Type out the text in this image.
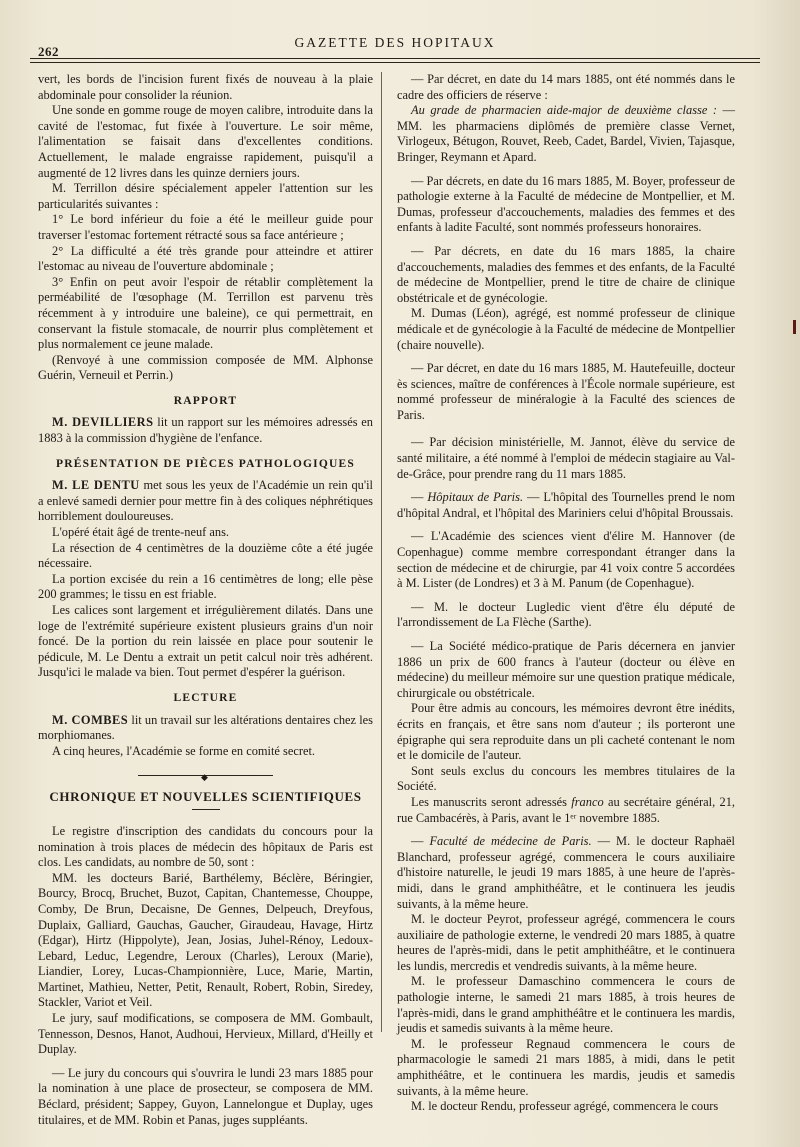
262
GAZETTE DES HOPITAUX

vert, les bords de l'incision furent fixés de nouveau à la plaie abdominale pour consolider la réunion.

Une sonde en gomme rouge de moyen calibre, introduite dans la cavité de l'estomac, fut fixée à l'ouverture. Le soir même, l'alimentation se faisait dans d'excellentes conditions. Actuellement, le malade engraisse rapidement, puisqu'il a augmenté de 12 livres dans les quinze derniers jours.

M. Terrillon désire spécialement appeler l'attention sur les particularités suivantes :

1° Le bord inférieur du foie a été le meilleur guide pour traverser l'estomac fortement rétracté sous sa face antérieure ;

2° La difficulté a été très grande pour atteindre et attirer l'estomac au niveau de l'ouverture abdominale ;

3° Enfin on peut avoir l'espoir de rétablir complètement la perméabilité de l'œsophage (M. Terrillon est parvenu très récemment à y introduire une baleine), ce qui permettrait, en conservant la fistule stomacale, de nourrir plus complètement et plus normalement ce jeune malade.

(Renvoyé à une commission composée de MM. Alphonse Guérin, Verneuil et Perrin.)

RAPPORT

M. DEVILLIERS lit un rapport sur les mémoires adressés en 1883 à la commission d'hygiène de l'enfance.

PRÉSENTATION DE PIÈCES PATHOLOGIQUES

M. LE DENTU met sous les yeux de l'Académie un rein qu'il a enlevé samedi dernier pour mettre fin à des coliques néphrétiques horriblement douloureuses.

L'opéré était âgé de trente-neuf ans.

La résection de 4 centimètres de la douzième côte a été jugée nécessaire.

La portion excisée du rein a 16 centimètres de long; elle pèse 200 grammes; le tissu en est friable.

Les calices sont largement et irrégulièrement dilatés. Dans une loge de l'extrémité supérieure existent plusieurs grains d'un noir foncé. De la portion du rein laissée en place pour soutenir le pédicule, M. Le Dentu a extrait un petit calcul noir très adhérent. Jusqu'ici le malade va bien. Tout permet d'espérer la guérison.

LECTURE

M. COMBES lit un travail sur les altérations dentaires chez les morphiomanes.

A cinq heures, l'Académie se forme en comité secret.

◆
CHRONIQUE ET NOUVELLES SCIENTIFIQUES

Le registre d'inscription des candidats du concours pour la nomination à trois places de médecin des hôpitaux de Paris est clos. Les candidats, au nombre de 50, sont :

MM. les docteurs Barié, Barthélemy, Béclère, Béringier, Bourcy, Brocq, Bruchet, Buzot, Capitan, Chantemesse, Chouppe, Comby, De Brun, Decaisne, De Gennes, Delpeuch, Dreyfous, Duplaix, Galliard, Gauchas, Gaucher, Giraudeau, Havage, Hirtz (Edgar), Hirtz (Hippolyte), Jean, Josias, Juhel-Rénoy, Ledoux-Lebard, Leduc, Legendre, Leroux (Charles), Leroux (Marie), Liandier, Lorey, Lucas-Championnière, Luce, Marie, Martin, Martinet, Mathieu, Netter, Petit, Renault, Robert, Robin, Siredey, Stackler, Variot et Veil.

Le jury, sauf modifications, se composera de MM. Gombault, Tennesson, Desnos, Hanot, Audhoui, Hervieux, Millard, d'Heilly et Duplay.

— Le jury du concours qui s'ouvrira le lundi 23 mars 1885 pour la nomination à une place de prosecteur, se composera de MM. Béclard, président; Sappey, Guyon, Lannelongue et Duplay, uges titulaires, et de MM. Robin et Panas, juges suppléants.

— Par décret, en date du 14 mars 1885, ont été nommés dans le cadre des officiers de réserve :

Au grade de pharmacien aide-major de deuxième classe : — MM. les pharmaciens diplômés de première classe Vernet, Virlogeux, Bétugon, Rouvet, Reeb, Cadet, Bardel, Vivien, Tajasque, Bringer, Reymann et Apard.

— Par décrets, en date du 16 mars 1885, M. Boyer, professeur de pathologie externe à la Faculté de médecine de Montpellier, et M. Dumas, professeur d'accouchements, maladies des femmes et des enfants à ladite Faculté, sont nommés professeurs honoraires.

— Par décrets, en date du 16 mars 1885, la chaire d'accouchements, maladies des femmes et des enfants, de la Faculté de médecine de Montpellier, prend le titre de chaire de clinique obstétricale et de gynécologie.

M. Dumas (Léon), agrégé, est nommé professeur de clinique médicale et de gynécologie à la Faculté de médecine de Montpellier (chaire nouvelle).

— Par décret, en date du 16 mars 1885, M. Hautefeuille, docteur ès sciences, maître de conférences à l'École normale supérieure, est nommé professeur de minéralogie à la Faculté des sciences de Paris.

— Par décision ministérielle, M. Jannot, élève du service de santé militaire, a été nommé à l'emploi de médecin stagiaire au Val-de-Grâce, pour prendre rang du 11 mars 1885.

— Hôpitaux de Paris. — L'hôpital des Tournelles prend le nom d'hôpital Andral, et l'hôpital des Mariniers celui d'hôpital Broussais.

— L'Académie des sciences vient d'élire M. Hannover (de Copenhague) comme membre correspondant étranger dans la section de médecine et de chirurgie, par 41 voix contre 5 accordées à M. Lister (de Londres) et 3 à M. Panum (de Copenhague).

— M. le docteur Lugledic vient d'être élu député de l'arrondissement de La Flèche (Sarthe).

— La Société médico-pratique de Paris décernera en janvier 1886 un prix de 600 francs à l'auteur (docteur ou élève en médecine) du meilleur mémoire sur une question pratique médicale, chirurgicale ou obstétricale.

Pour être admis au concours, les mémoires devront être inédits, écrits en français, et être sans nom d'auteur ; ils porteront une épigraphe qui sera reproduite dans un pli cacheté contenant le nom et le domicile de l'auteur.

Sont seuls exclus du concours les membres titulaires de la Société.

Les manuscrits seront adressés franco au secrétaire général, 21, rue Cambacérès, à Paris, avant le 1ᵉʳ novembre 1885.

— Faculté de médecine de Paris. — M. le docteur Raphaël Blanchard, professeur agrégé, commencera le cours auxiliaire d'histoire naturelle, le jeudi 19 mars 1885, à une heure de l'après-midi, dans le grand amphithéâtre, et le continuera les jeudis suivants, à la même heure.

M. le docteur Peyrot, professeur agrégé, commencera le cours auxiliaire de pathologie externe, le vendredi 20 mars 1885, à quatre heures de l'après-midi, dans le petit amphithéâtre, et le continuera les lundis, mercredis et vendredis suivants, à la même heure.

M. le professeur Damaschino commencera le cours de pathologie interne, le samedi 21 mars 1885, à trois heures de l'après-midi, dans le grand amphithéâtre et le continuera les mardis, jeudis et samedis suivants à la même heure.

M. le professeur Regnaud commencera le cours de pharmacologie le samedi 21 mars 1885, à midi, dans le petit amphithéâtre, et le continuera les mardis, jeudis et samedis suivants, à la même heure.

M. le docteur Rendu, professeur agrégé, commencera le cours
